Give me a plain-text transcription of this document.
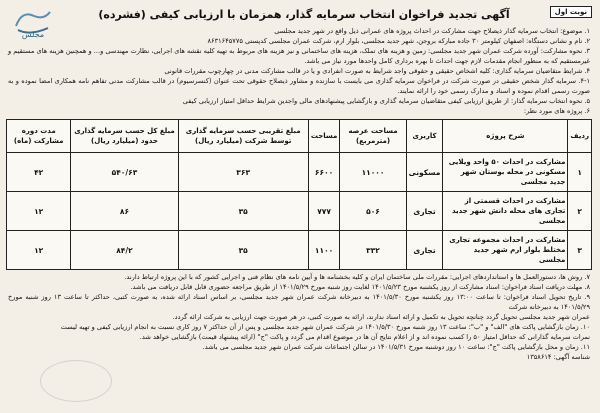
نوبت اول
مجلس
آگهی تجدید فراخوان انتخاب سرمایه گذار، همزمان با ارزیابی کیفی (فشرده)
۱. موضوع: انتخاب سرمایه گذار ذیصلاح جهت مشارکت در احداث پروژه های عمرانی ذیل واقع در شهر جدید مجلسی
۲. نام و نشانی دستگاه: اصفهان کیلومتر ۳۰ جاده مبارکه بروجن، شهر جدید مجلسی، بلوار ارم، شرکت عمران مجلسی کدپستی ۸۶۳۱۶۴۵۷۷۵
۳. نحوه مشارکت: آورده شرکت عمران شهر جدید مجلسی: زمین و هزینه های تملک، هزینه های ساختمانی و نیز هزینه های مربوط به تهیه کلیه نقشه های اجرایی، نظارت مهندسی و... و همچنین هزینه های مستقیم و غیرمستقیم که به منظور انجام مقدمات لازم جهت احداث تا بهره برداری کامل واحدها مورد نیاز می باشد.
۴. شرایط متقاضیان سرمایه گذاری: کلیه اشخاص حقیقی و حقوقی واجد شرایط به صورت انفرادی و یا در قالب مشارکت مدنی در چهارچوب مقررات قانونی
۴-۱. سرمایه گذار شخص حقیقی در صورت شرکت در فراخوان سرمایه گذاری می بایست با سازنده و مشاور ذیصلاح حقوقی تحت عنوان (کنسرسیوم) در قالب مشارکت مدنی تفاهم نامه همکاری امضا نموده و به صورت رسمی اقدام نموده و اسناد و مدارک رسمی خود را ارائه نمایند.
۵. نحوه انتخاب سرمایه گذار: از طریق ارزیابی کیفی متقاضیان سرمایه گذاری و بازگشایی پیشنهادهای مالی واجدین شرایط حداقل امتیاز ارزیابی کیفی
۶. پروژه های مورد نظر:
ردیف	شرح پروژه	کاربری	مساحت عرصه (مترمربع)	مساحت	مبلغ تقریبی حسب سرمایه گذاری توسط شرکت (میلیارد ریال)	مبلغ کل حسب سرمایه گذاری حدود (میلیارد ریال)	مدت دوره مشارکت (ماه)
۱	مشارکت در احداث ۵۰ واحد ویلایی مسکونی در محله بوستان شهر جدید مجلسی	مسکونی	۱۱۰۰۰	۶۶۰۰	۳۶۳	۵۴۰/۶۳	۴۲
۲	مشارکت در احداث قسمتی از تجاری های محله دانش شهر جدید مجلسی	تجاری	۵۰۶	۷۷۷	۳۵	۸۶	۱۲
۳	مشارکت در احداث مجموعه تجاری مختلط بلوار ارم شهر جدید مجلسی	تجاری	۳۳۲	۱۱۰۰	۳۵	۸۴/۲	۱۲
۷. روش ها، دستورالعمل ها و استانداردهای اجرایی: مقررات ملی ساختمان ایران و کلیه بخشنامه ها و آیین نامه های نظام فنی و اجرایی کشور که با این پروژه ارتباط دارند.
۸. مهلت دریافت اسناد فراخوان: اسناد مشارکت از روز یکشنبه مورخ ۱۴۰۱/۵/۲۳ لغایت روز شنبه مورخ ۱۴۰۱/۵/۲۹ از طریق مراجعه حضوری قابل قابل دریافت می باشد.
۹. تاریخ تحویل اسناد فراخوان: تا ساعت ۱۳:۰۰ روز یکشنبه مورخ ۱۴۰۱/۵/۳۰ به دبیرخانه شرکت عمران شهر جدید مجلسی، بر اساس اسناد ارائه شده، به صورت کتبی، حداکثر تا ساعت ۱۳ روز شنبه مورخ ۱۴۰۱/۵/۲۹ به دبیرخانه شرکت
عمران شهر جدید مجلسی تحویل گردد چنانچه تحویل به تکمیل و ارائه اسناد ندارند، ارائه به صورت کتبی، در هر صورت جهت ارزیابی به شرکت ارائه گردد.
۱۰. زمان بازگشایی پاکت های "الف" و "ب": ساعت ۱۳ روز شنبه مورخ ۱۴۰۱/۵/۳۰ در شرکت عمران شهر جدید مجلسی و پس از آن حداکثر ۷ روز کاری نسبت به انجام ارزیابی کیفی و تهیه لیست
نمرات سرمایه گذارانی که حداقل امتیاز ۵۰ را کسب نموده اند و از اعلام نتایج آن ها در موضوع اقدام می گردد و پاکت "ج" (ارائه پیشنهاد قیمت) بازگشایی خواهد شد.
۱۱. زمان و محل بازگشایی پاکت "ج": ساعت ۱۰ روز دوشنبه مورخ ۱۴۰۱/۵/۳۱ در سالن اجتماعات شرکت عمران شهر جدید مجلسی می باشد.
شناسه آگهی: ۱۳۵۸۶۱۴
